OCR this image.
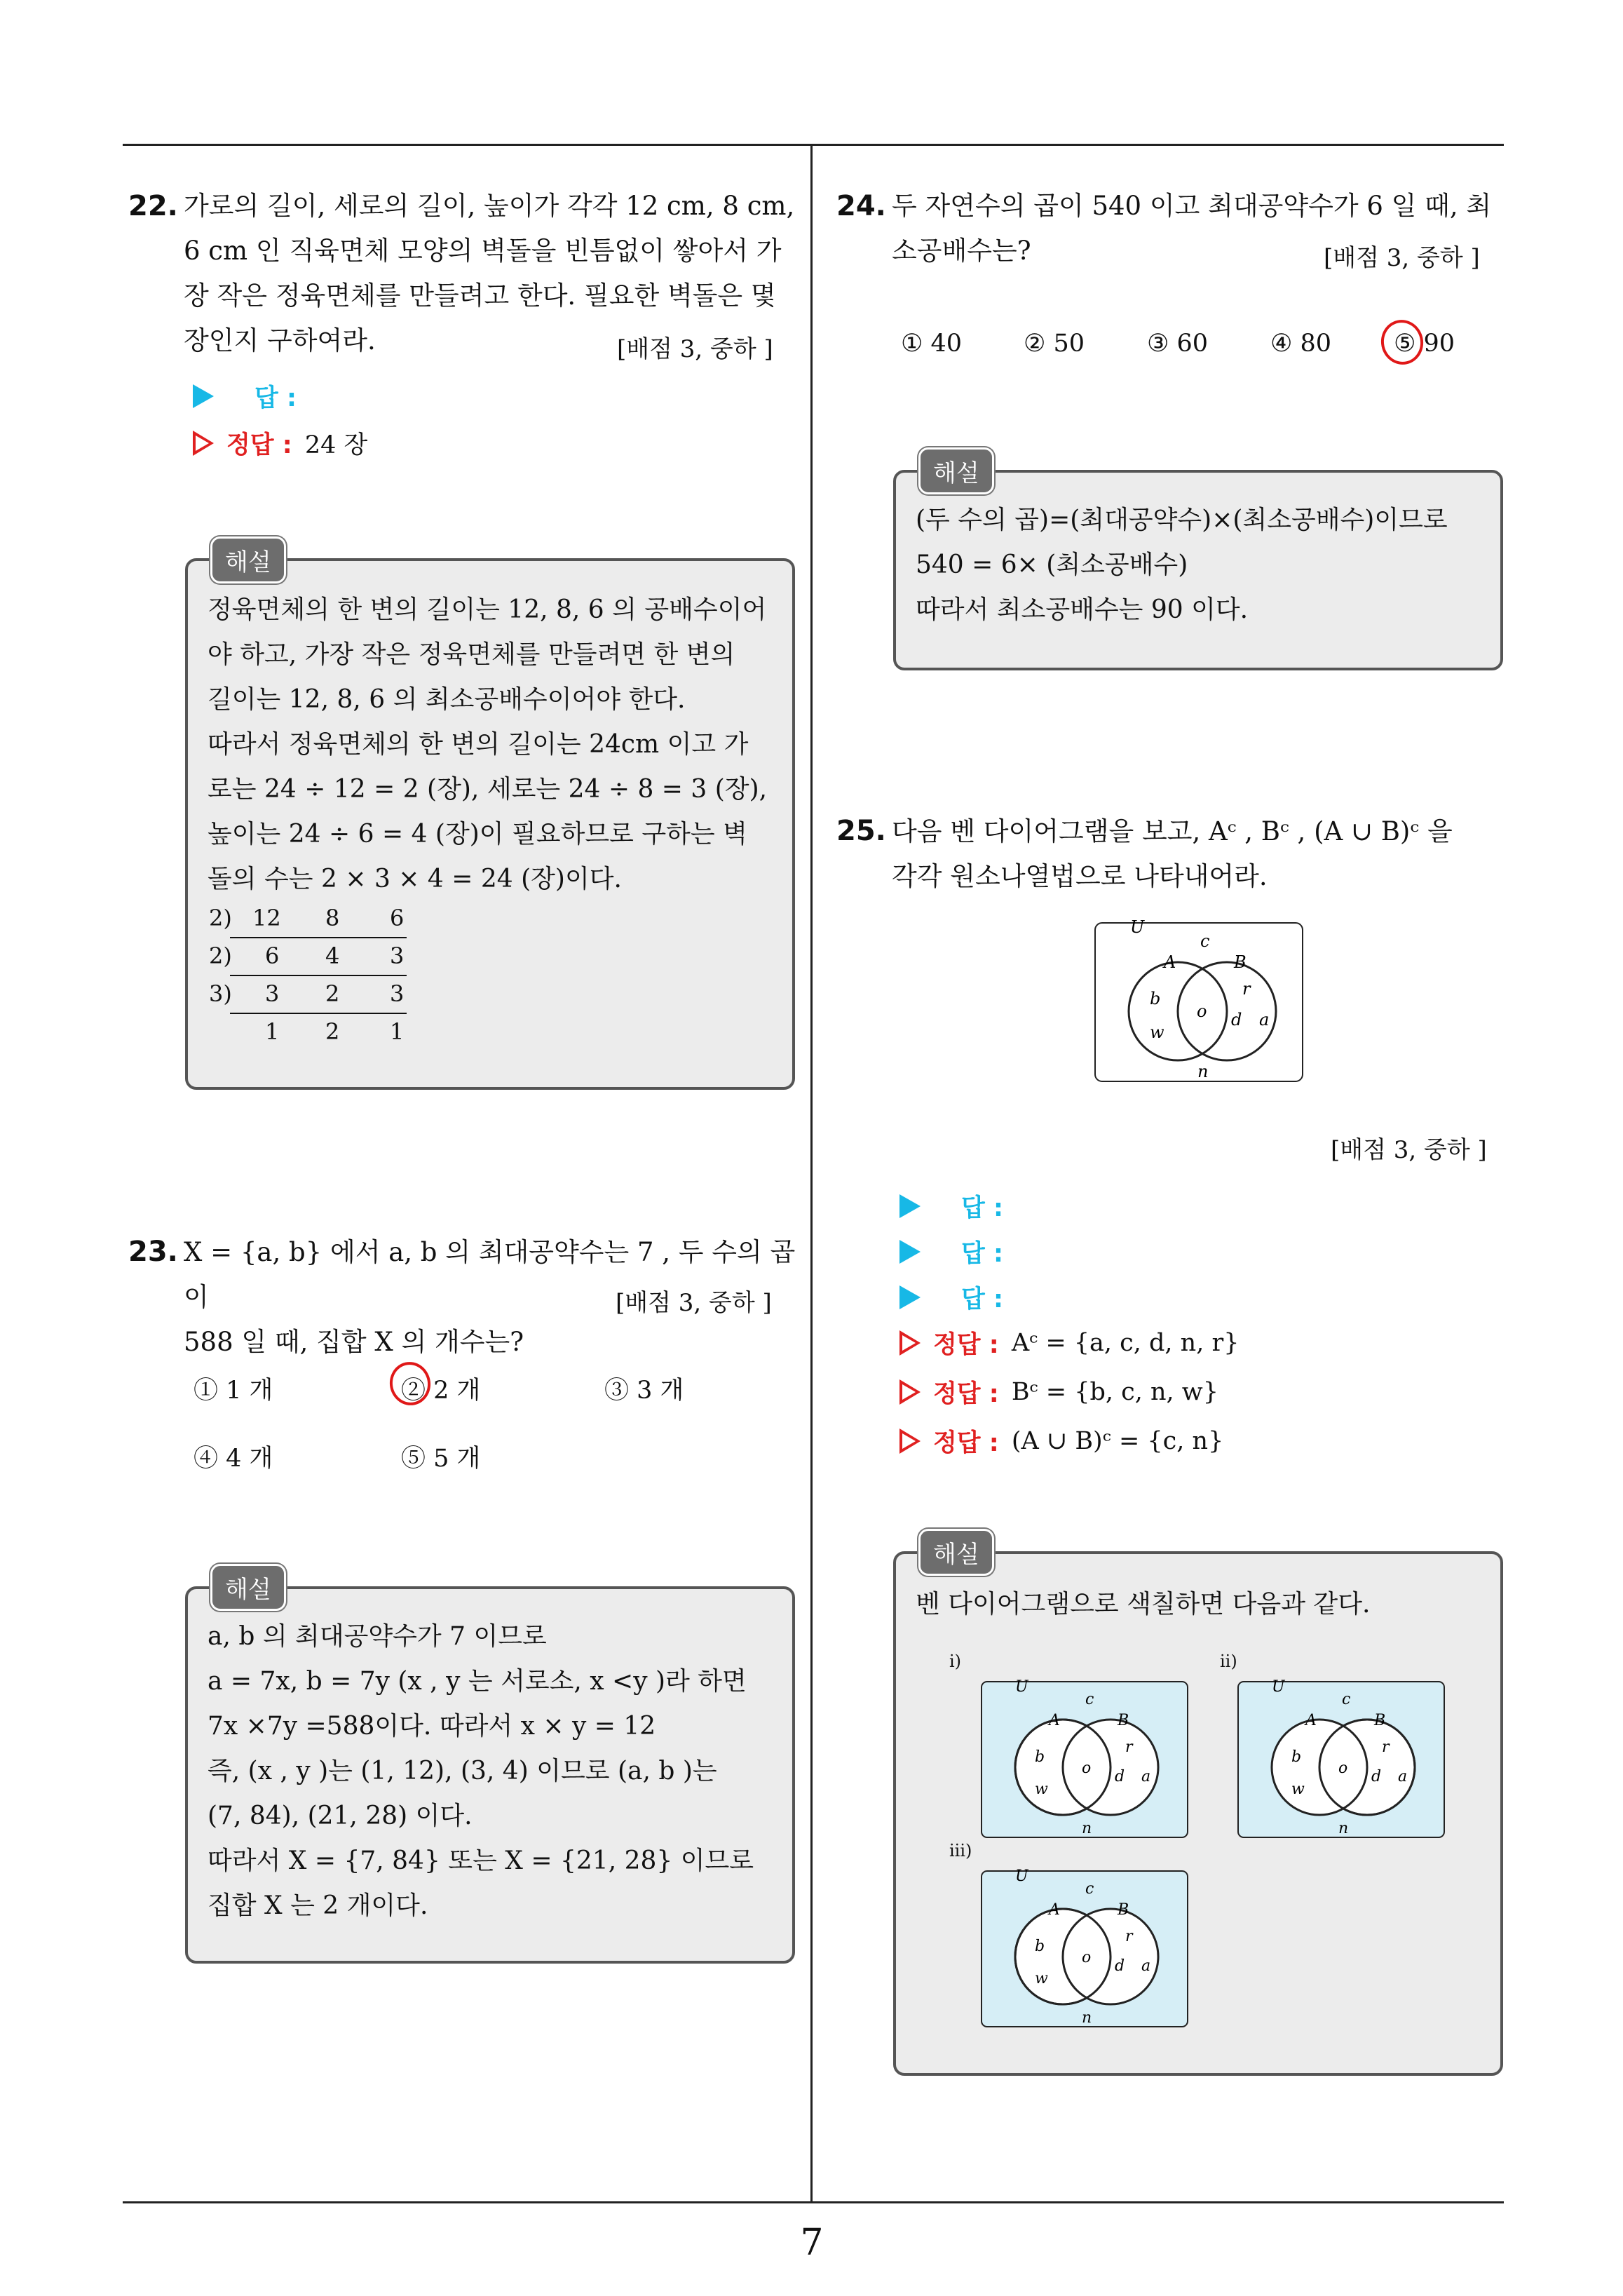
7
22. 가로의 길이, 세로의 길이, 높이가 각각 12 cm, 8 cm,
6 cm 인 직육면체 모양의 벽돌을 빈틈없이 쌓아서 가
장 작은 정육면체를 만들려고 한다. 필요한 벽돌은 몇
장인지 구하여라.	[배점 3, 중하 ]
답 :
정답 : 24 장
해설
정육면체의 한 변의 길이는 12, 8, 6 의 공배수이어
야 하고, 가장 작은 정육면체를 만들려면 한 변의
길이는 12, 8, 6 의 최소공배수이어야 한다.
따라서 정육면체의 한 변의 길이는 24cm 이고 가
로는 24 ÷ 12 = 2 (장), 세로는 24 ÷ 8 = 3 (장),
높이는 24 ÷ 6 = 4 (장)이 필요하므로 구하는 벽
돌의 수는 2 × 3 × 4 = 24 (장)이다.
2) 12 8 6
2) 6 4 3
3) 3 2 3
1 2 1
23. X = {a, b} 에서 a, b 의 최대공약수는 7 , 두 수의 곱이
588 일 때, 집합 X 의 개수는?
[배점 3, 중하 ]
① 1 개	② 2 개	③ 3 개
④ 4 개	⑤ 5 개
해설
a, b 의 최대공약수가 7 이므로
a = 7x, b = 7y (x , y 는 서로소, x <y )라 하면
7x ×7y =588이다. 따라서 x × y = 12
즉, (x , y )는 (1, 12), (3, 4) 이므로 (a, b )는
(7, 84), (21, 28) 이다.
따라서 X = {7, 84} 또는 X = {21, 28} 이므로
집합 X 는 2 개이다.
24. 두 자연수의 곱이 540 이고 최대공약수가 6 일 때, 최
소공배수는?	[배점 3, 중하 ]
① 40	② 50	③ 60	④ 80	⑤ 90
해설
(두 수의 곱)=(최대공약수)×(최소공배수)이므로
540 = 6× (최소공배수)
따라서 최소공배수는 90 이다.
25. 다음 벤 다이어그램을 보고, Aᶜ , Bᶜ , (A ∪ B)ᶜ 을
각각 원소나열법으로 나타내어라.
U
c
A	B
b
w
o
r
d a
n
[배점 3, 중하 ]
답 :
답 :
답 :
정답 : Aᶜ = {a, c, d, n, r}
정답 : Bᶜ = {b, c, n, w}
정답 : (A ∪ B)ᶜ = {c, n}
해설
벤 다이어그램으로 색칠하면 다음과 같다.
i)
U
c
A	B
b
w
o
r
d a
n
ii)
U
c
A	B
b
w
o
r
d a
n
iii)
U
c
A	B
b
w
o
r
d a
n
